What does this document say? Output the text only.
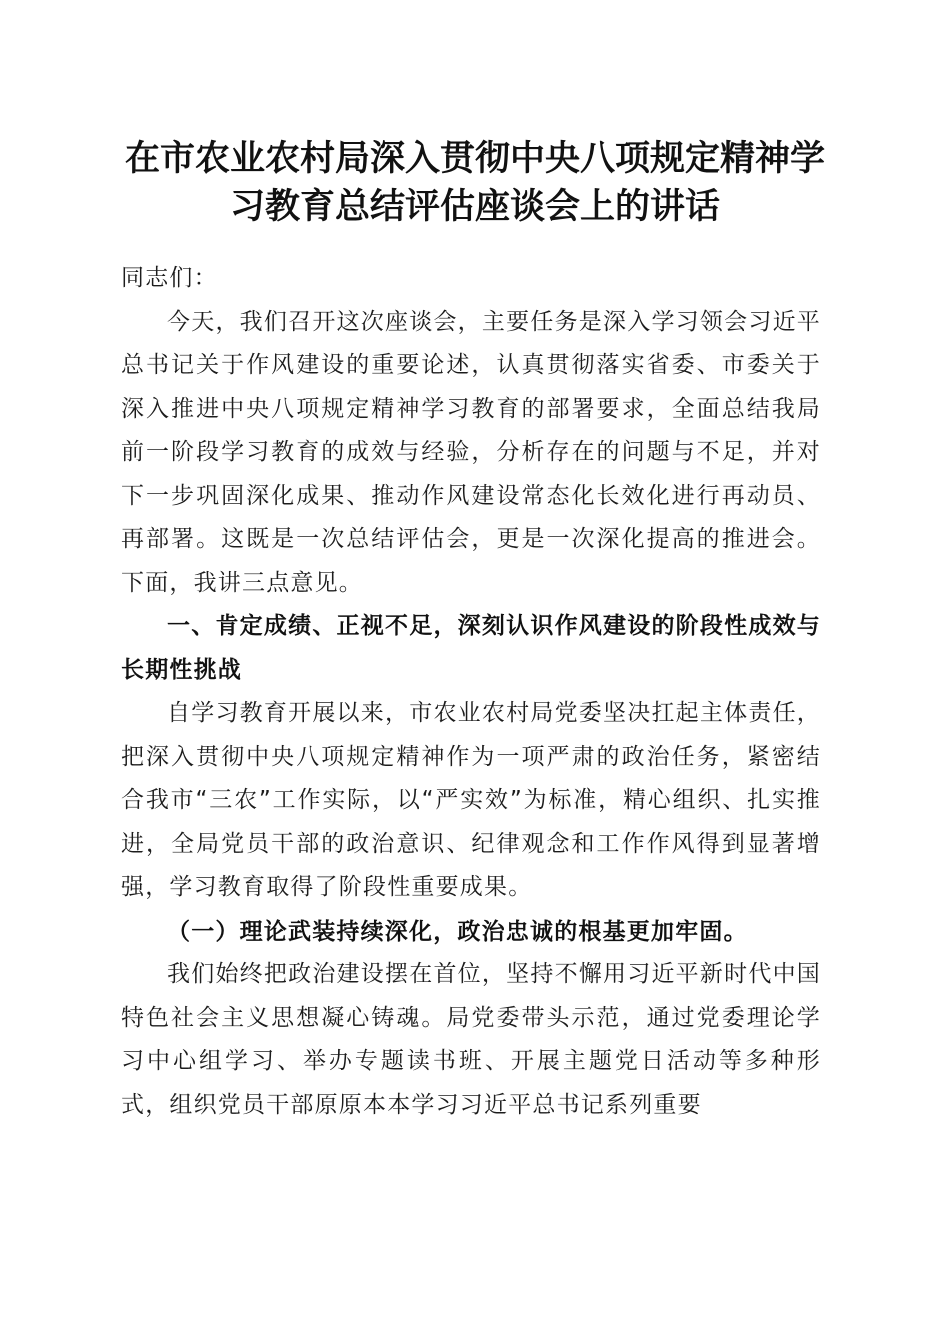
在市农业农村局深入贯彻中央八项规定精神学
习教育总结评估座谈会上的讲话

同志们：

今天，我们召开这次座谈会，主要任务是深入学习领会习近平总书记关于作风建设的重要论述，认真贯彻落实省委、市委关于深入推进中央八项规定精神学习教育的部署要求，全面总结我局前一阶段学习教育的成效与经验，分析存在的问题与不足，并对下一步巩固深化成果、推动作风建设常态化长效化进行再动员、再部署。这既是一次总结评估会，更是一次深化提高的推进会。下面，我讲三点意见。

一、肯定成绩、正视不足，深刻认识作风建设的阶段性成效与长期性挑战

自学习教育开展以来，市农业农村局党委坚决扛起主体责任，把深入贯彻中央八项规定精神作为一项严肃的政治任务，紧密结合我市“三农”工作实际，以“严实效”为标准，精心组织、扎实推进，全局党员干部的政治意识、纪律观念和工作作风得到显著增强，学习教育取得了阶段性重要成果。

（一）理论武装持续深化，政治忠诚的根基更加牢固。

我们始终把政治建设摆在首位，坚持不懈用习近平新时代中国特色社会主义思想凝心铸魂。局党委带头示范，通过党委理论学习中心组学习、举办专题读书班、开展主题党日活动等多种形式，组织党员干部原原本本学习习近平总书记系列重要
